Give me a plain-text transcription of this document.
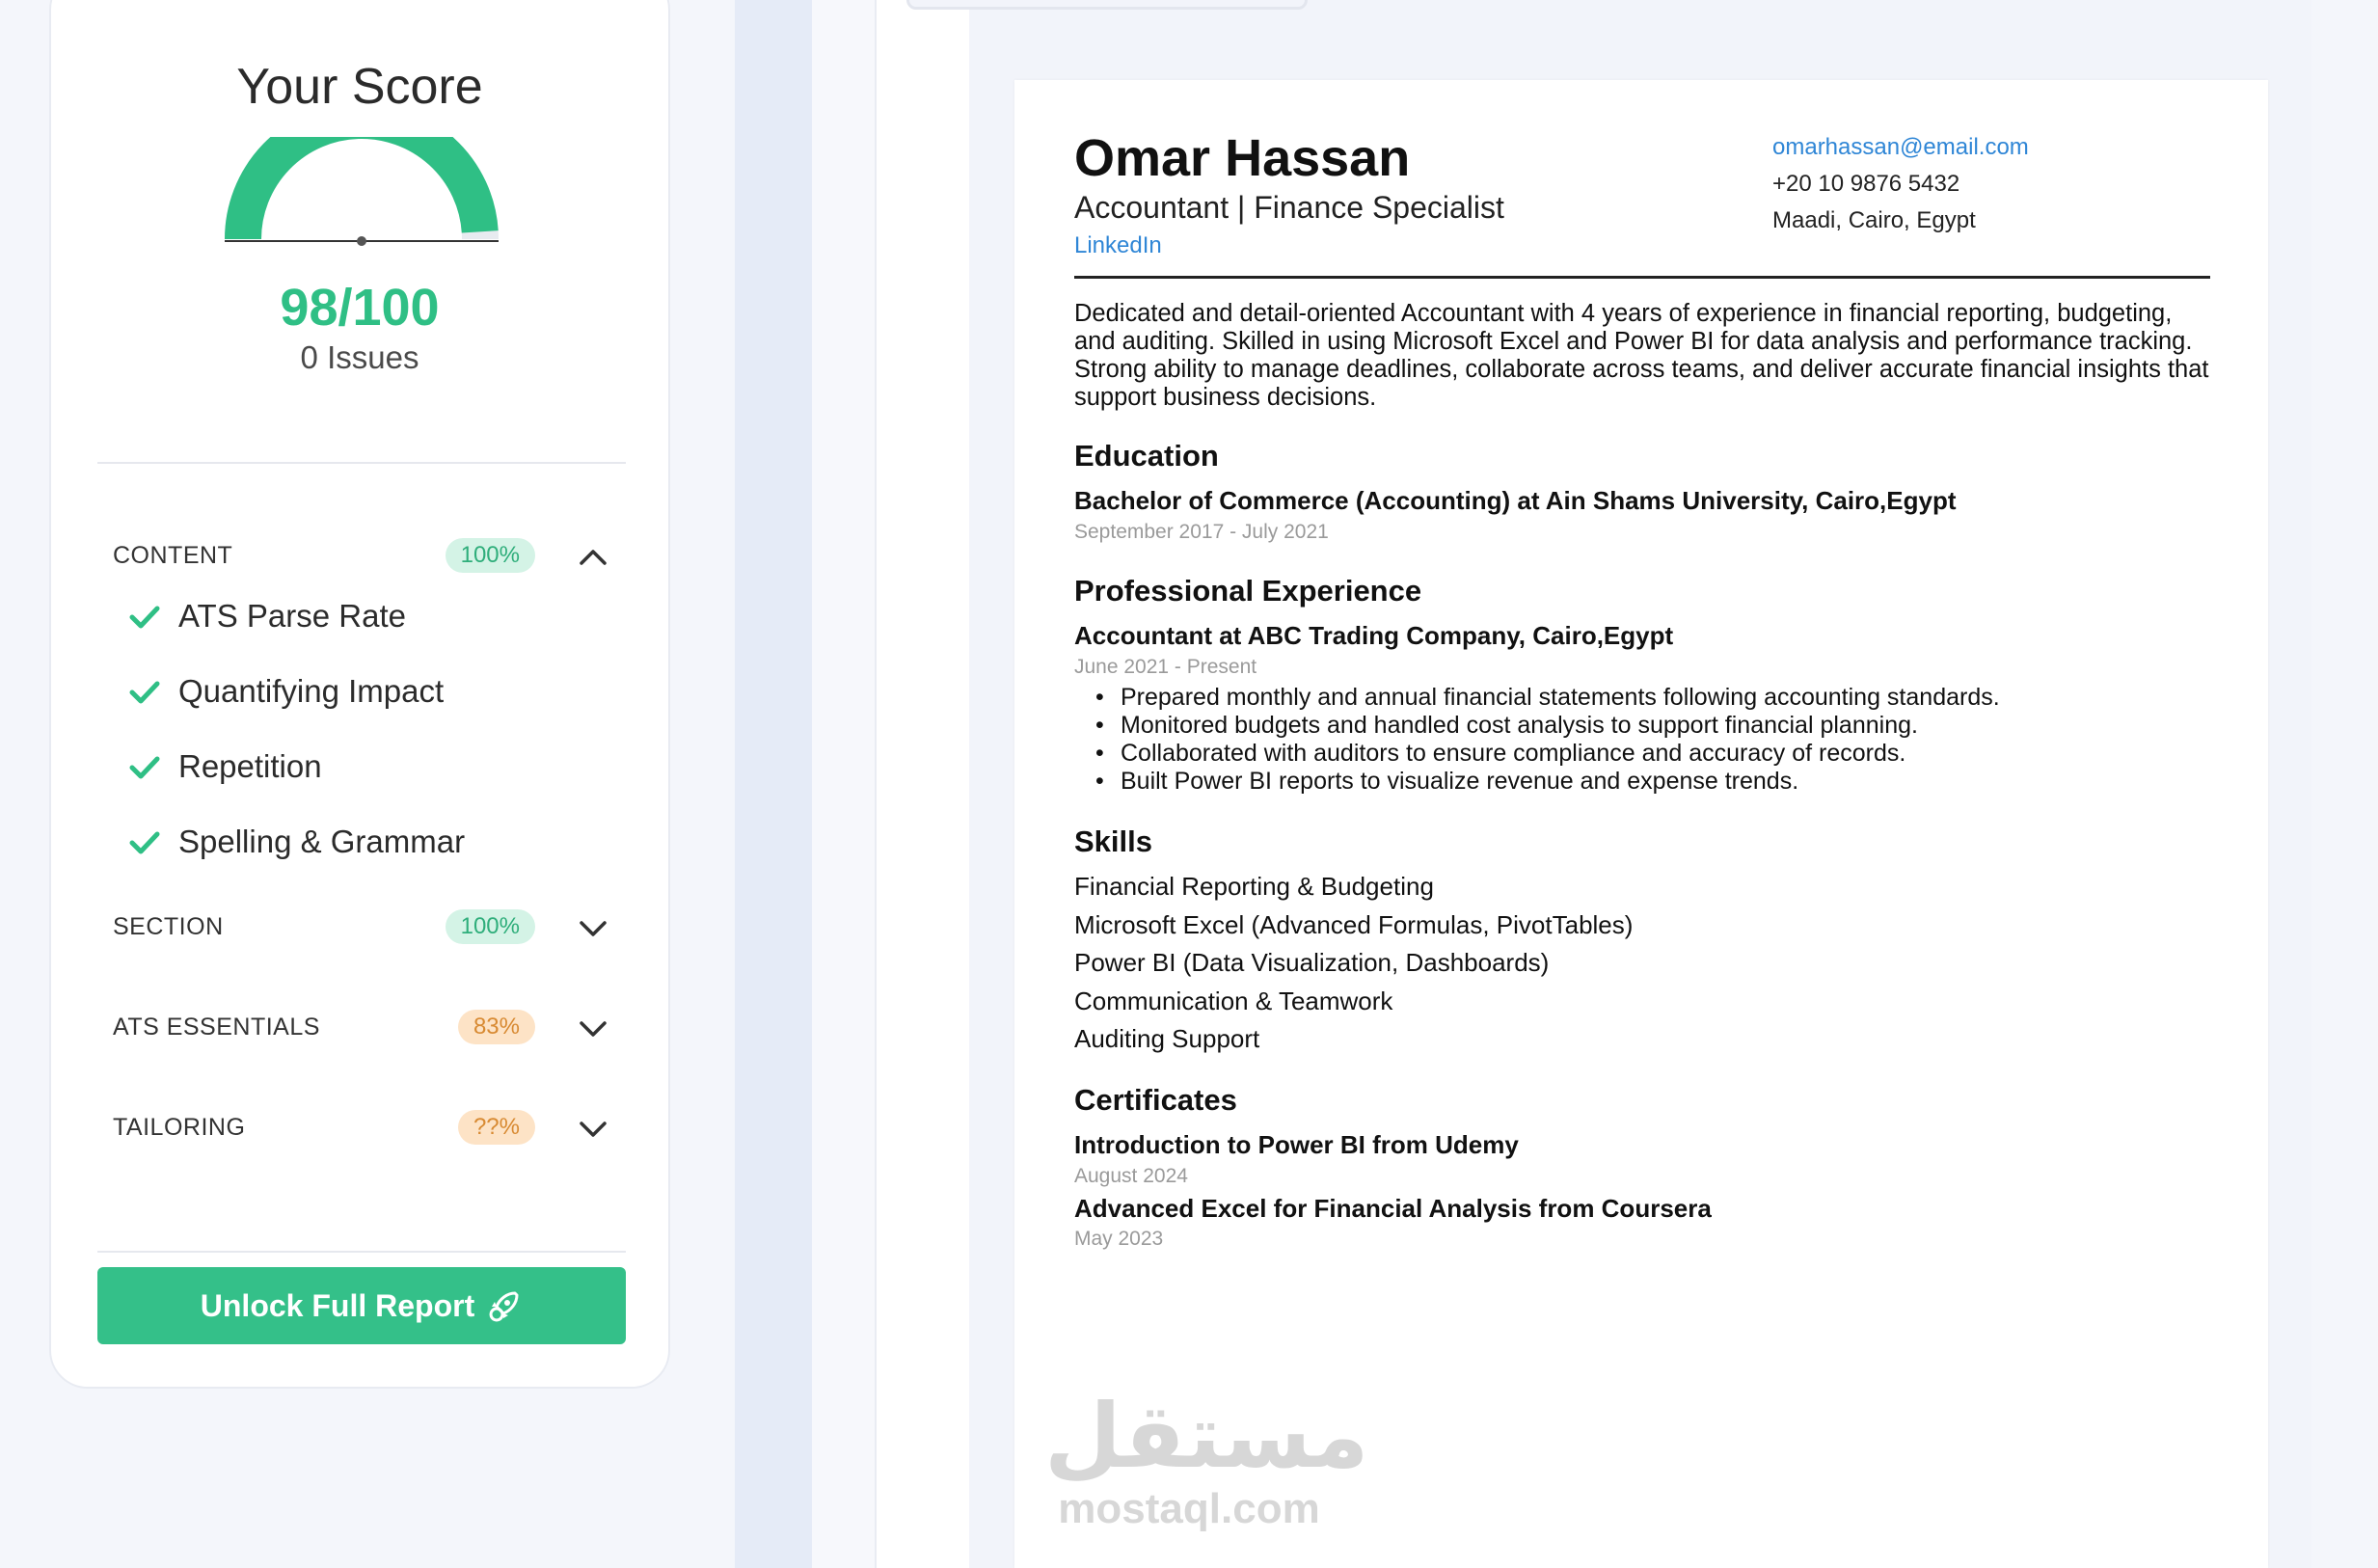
Your Score
98/100
0 Issues
CONTENT	100%
ATS Parse Rate
Quantifying Impact
Repetition
Spelling & Grammar
SECTION	100%
ATS ESSENTIALS	83%
TAILORING	??%
Unlock Full Report
Omar Hassan
Accountant | Finance Specialist
LinkedIn
omarhassan@email.com
+20 10 9876 5432
Maadi, Cairo, Egypt
Dedicated and detail-oriented Accountant with 4 years of experience in financial reporting, budgeting, and auditing. Skilled in using Microsoft Excel and Power BI for data analysis and performance tracking. Strong ability to manage deadlines, collaborate across teams, and deliver accurate financial insights that support business decisions.
Education
Bachelor of Commerce (Accounting) at Ain Shams University, Cairo,Egypt
September 2017 - July 2021
Professional Experience
Accountant at ABC Trading Company, Cairo,Egypt
June 2021 - Present
• Prepared monthly and annual financial statements following accounting standards.
• Monitored budgets and handled cost analysis to support financial planning.
• Collaborated with auditors to ensure compliance and accuracy of records.
• Built Power BI reports to visualize revenue and expense trends.
Skills
Financial Reporting & Budgeting
Microsoft Excel (Advanced Formulas, PivotTables)
Power BI (Data Visualization, Dashboards)
Communication & Teamwork
Auditing Support
Certificates
Introduction to Power BI from Udemy
August 2024
Advanced Excel for Financial Analysis from Coursera
May 2023
مستقل
mostaql.com
